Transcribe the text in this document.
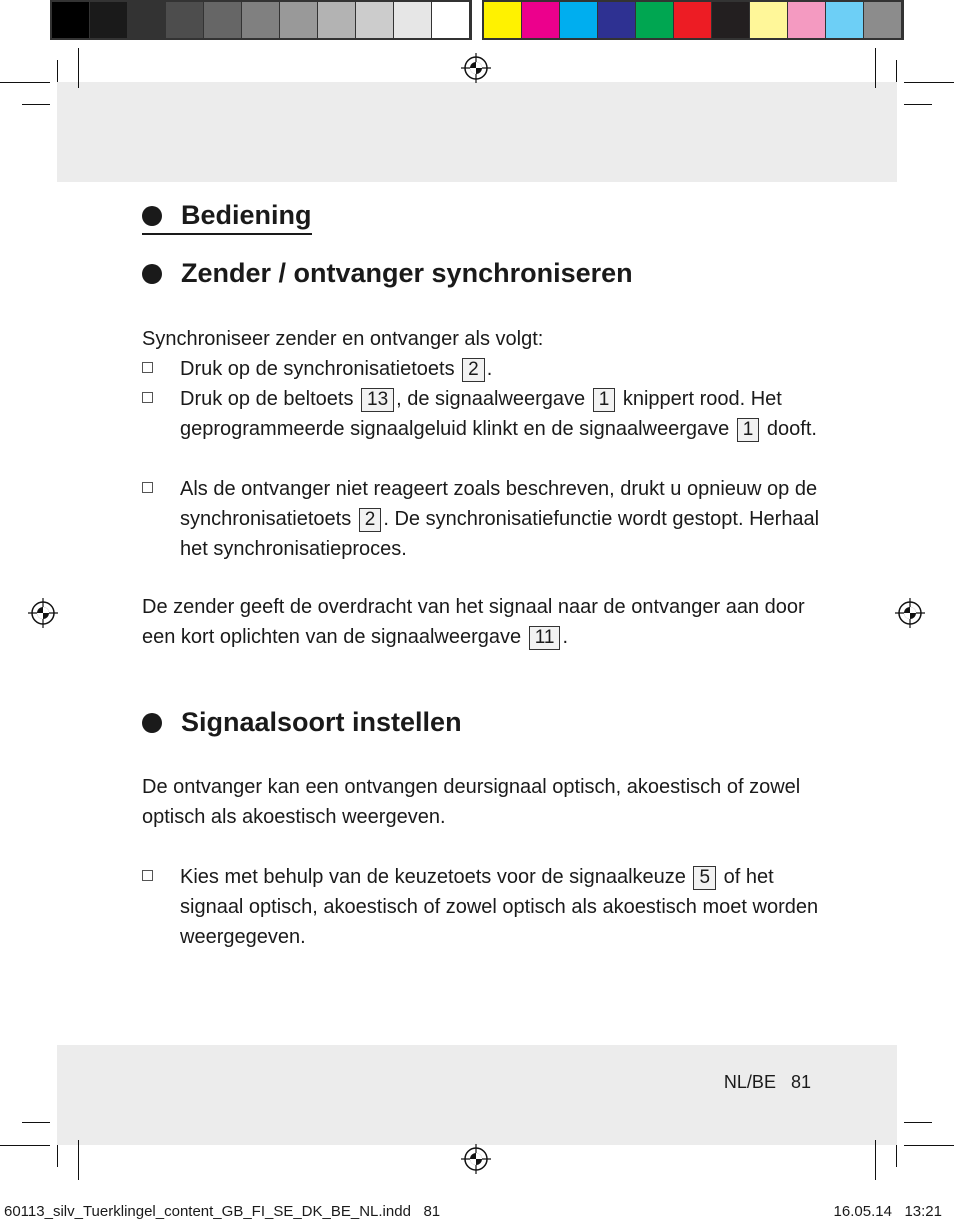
Bediening
Zender / ontvanger synchroniseren
Synchroniseer zender en ontvanger als volgt:
Druk op de synchronisatietoets 2 .
Druk op de beltoets 13 , de signaalweergave 1 knippert rood. Het geprogrammeerde signaalgeluid klinkt en de signaalweergave 1 dooft.
Als de ontvanger niet reageert zoals beschreven, drukt u opnieuw op de synchronisatietoets 2 . De synchronisatiefunctie wordt gestopt. Herhaal het synchronisatieproces.
De zender geeft de overdracht van het signaal naar de ontvanger aan door een kort oplichten van de signaalweergave 11 .
Signaalsoort instellen
De ontvanger kan een ontvangen deursignaal optisch, akoestisch of zowel optisch als akoestisch weergeven.
Kies met behulp van de keuzetoets voor de signaalkeuze 5 of het signaal optisch, akoestisch of zowel optisch als akoestisch moet worden weergegeven.
NL/BE 81
60113_silv_Tuerklingel_content_GB_FI_SE_DK_BE_NL.indd 81	16.05.14 13:21
